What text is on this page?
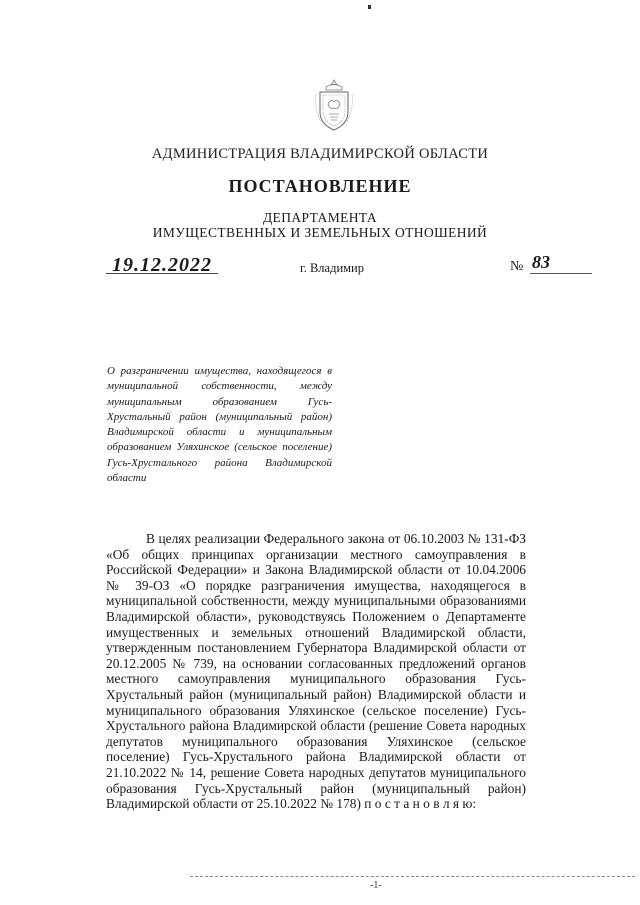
АДМИНИСТРАЦИЯ ВЛАДИМИРСКОЙ ОБЛАСТИ
ПОСТАНОВЛЕНИЕ
ДЕПАРТАМЕНТА
ИМУЩЕСТВЕННЫХ И ЗЕМЕЛЬНЫХ ОТНОШЕНИЙ
19.12.2022	г. Владимир	№ 83
О разграничении имущества, находящегося в муниципальной собственности, между муниципальным образованием Гусь-Хрустальный район (муниципальный район) Владимирской области и муниципальным образованием Уляхинское (сельское поселение) Гусь-Хрустального района Владимирской области
В целях реализации Федерального закона от 06.10.2003 № 131-ФЗ «Об общих принципах организации местного самоуправления в Российской Федерации» и Закона Владимирской области от 10.04.2006 № 39-ОЗ «О порядке разграничения имущества, находящегося в муниципальной собственности, между муниципальными образованиями Владимирской области», руководствуясь Положением о Департаменте имущественных и земельных отношений Владимирской области, утвержденным постановлением Губернатора Владимирской области от 20.12.2005 № 739, на основании согласованных предложений органов местного самоуправления муниципального образования Гусь-Хрустальный район (муниципальный район) Владимирской области и муниципального образования Уляхинское (сельское поселение) Гусь-Хрустального района Владимирской области (решение Совета народных депутатов муниципального образования Уляхинское (сельское поселение) Гусь-Хрустального района Владимирской области от 21.10.2022 № 14, решение Совета народных депутатов муниципального образования Гусь-Хрустальный район (муниципальный район) Владимирской области от 25.10.2022 № 178) п о с т а н о в л я ю:
-1-
